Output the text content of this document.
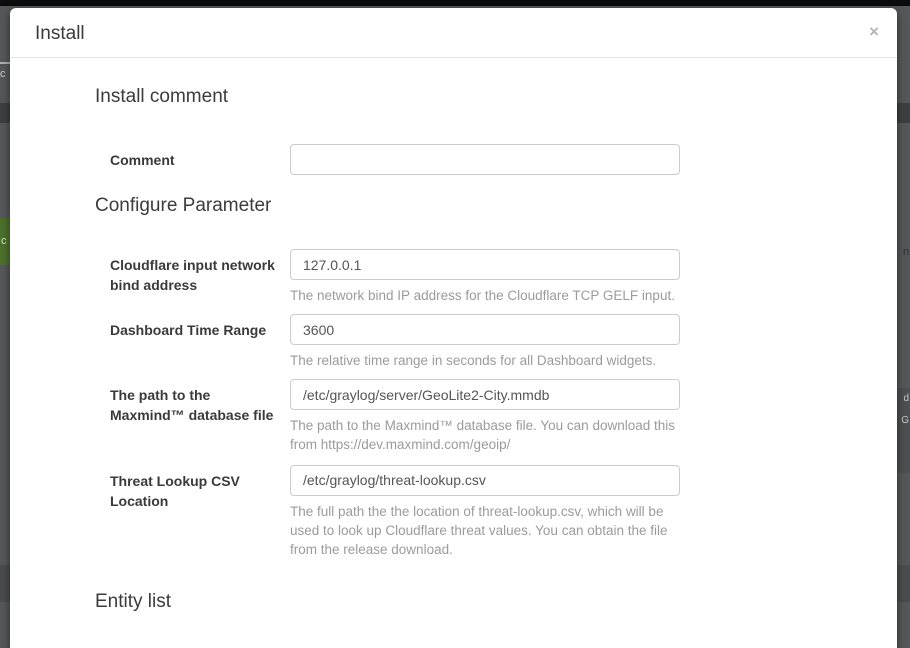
c
c
n
d G
Install	×
Install comment
Comment
Configure Parameter
Cloudflare input network bind address
127.0.0.1
The network bind IP address for the Cloudflare TCP GELF input.
Dashboard Time Range
3600
The relative time range in seconds for all Dashboard widgets.
The path to the Maxmind™ database file
/etc/graylog/server/GeoLite2-City.mmdb
The path to the Maxmind™ database file. You can download this from https://dev.maxmind.com/geoip/
Threat Lookup CSV Location
/etc/graylog/threat-lookup.csv
The full path the the location of threat-lookup.csv, which will be used to look up Cloudflare threat values. You can obtain the file from the release download.
Entity list
